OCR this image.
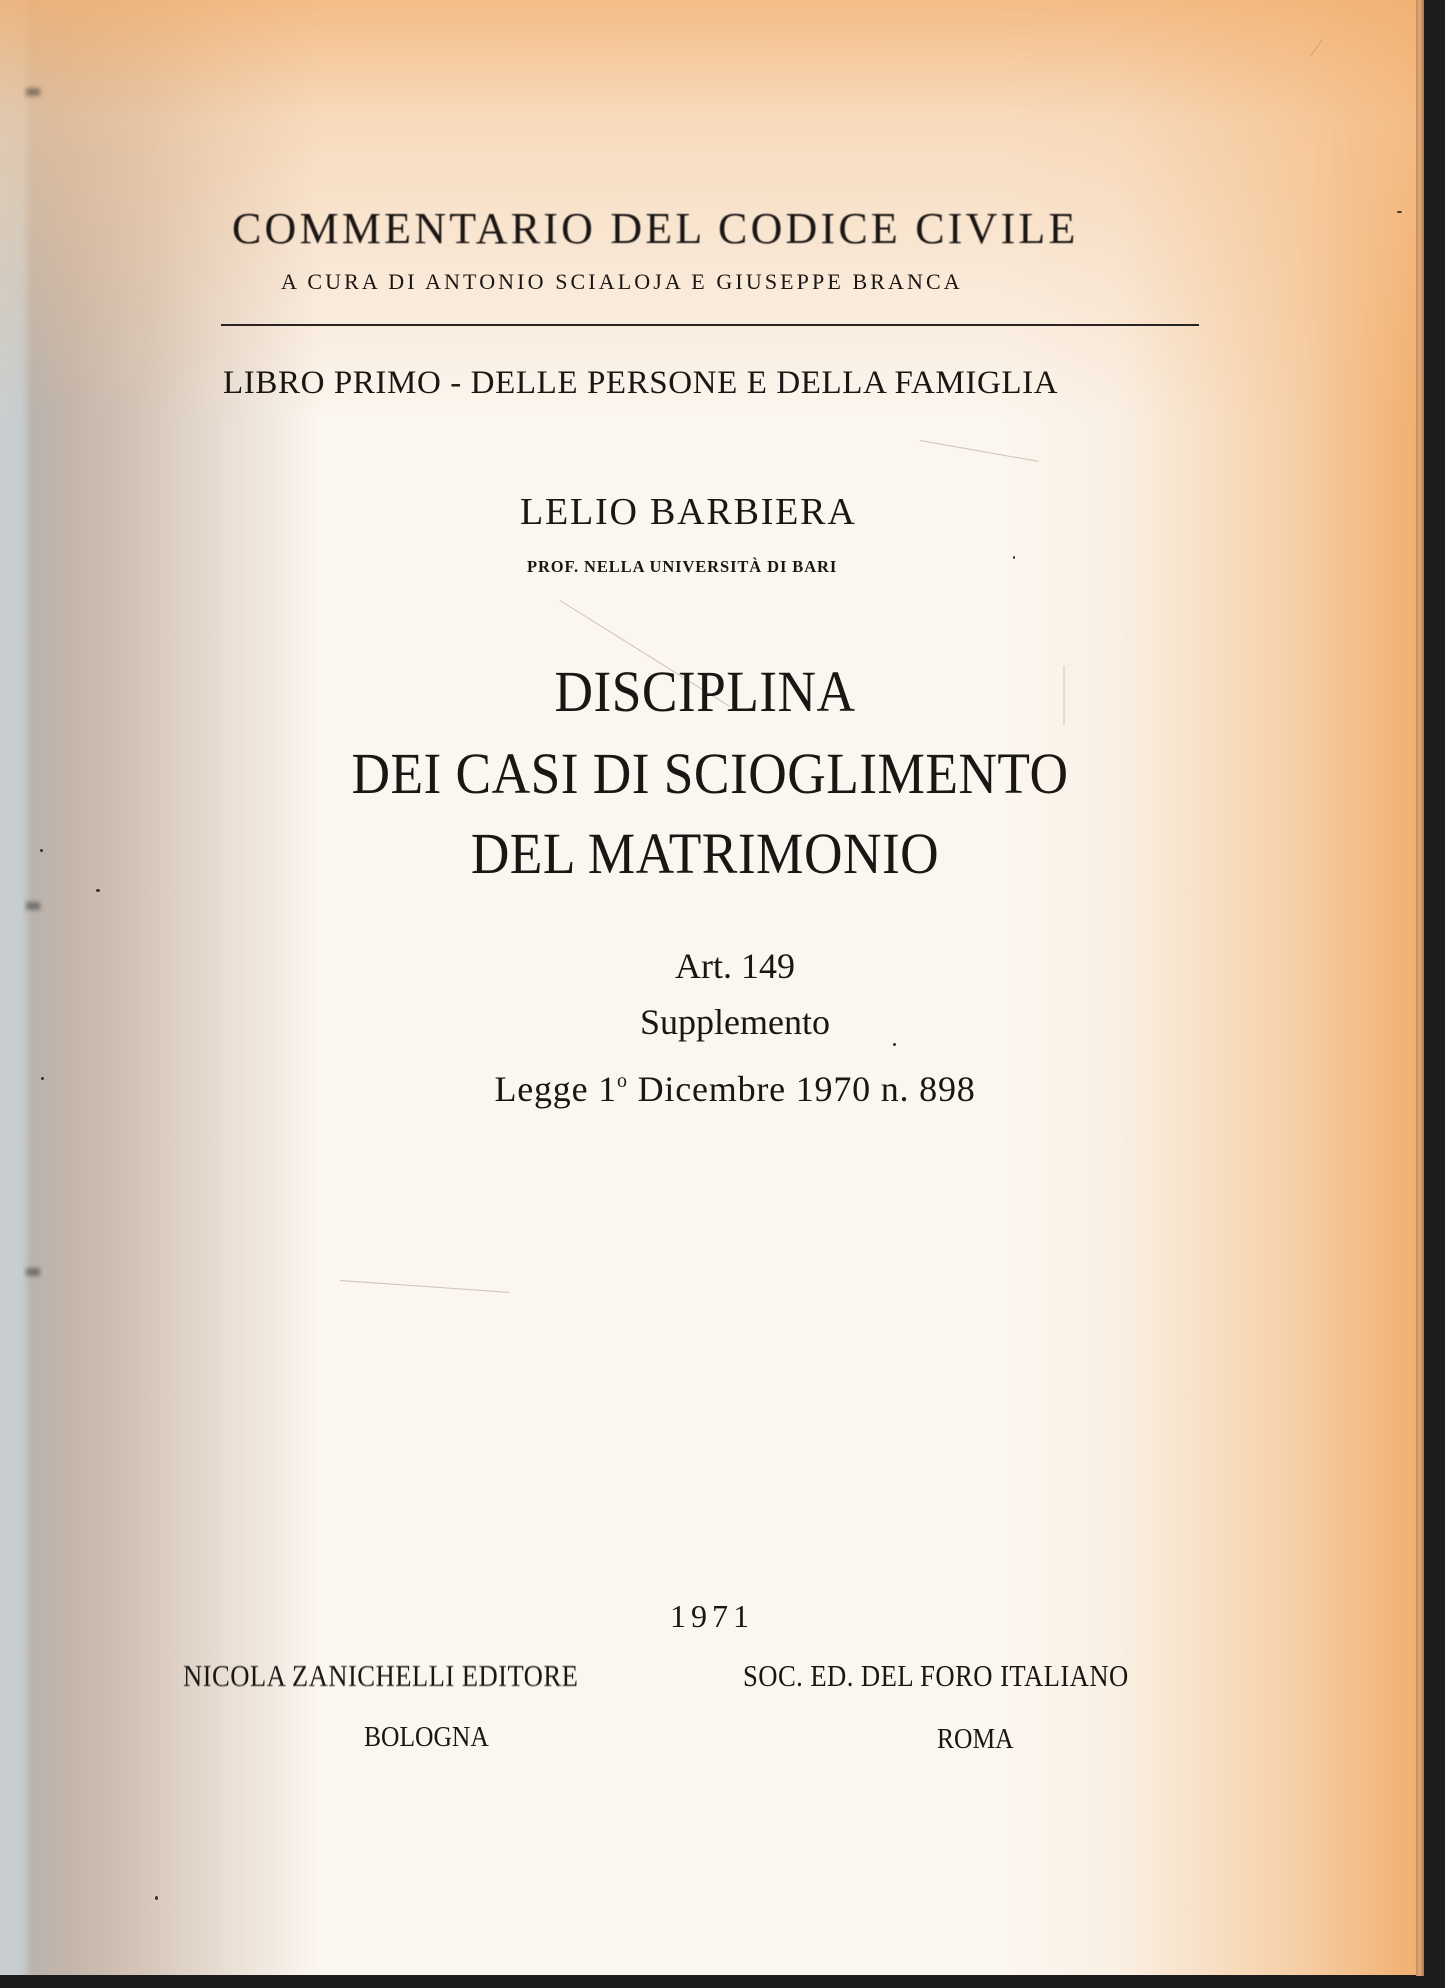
COMMENTARIO DEL CODICE CIVILE
A CURA DI ANTONIO SCIALOJA E GIUSEPPE BRANCA
LIBRO PRIMO - DELLE PERSONE E DELLA FAMIGLIA
LELIO BARBIERA
PROF. NELLA UNIVERSITÀ DI BARI
DISCIPLINA
DEI CASI DI SCIOGLIMENTO
DEL MATRIMONIO
Art. 149
Supplemento
Legge 1$^o$ Dicembre 1970 n. 898
1971
NICOLA ZANICHELLI EDITORE	SOC. ED. DEL FORO ITALIANO
BOLOGNA	ROMA
